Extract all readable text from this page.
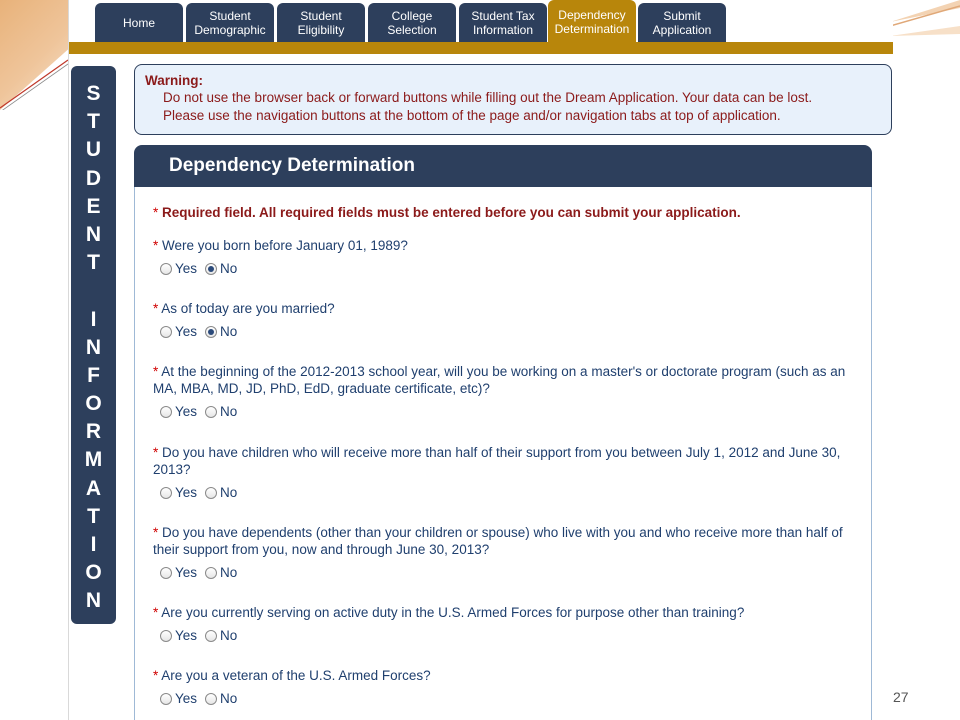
Home	Student
Demographic
Student
Eligibility
College
Selection
Student Tax
Information
Dependency
Determination
Submit
Application
S
T
U
D
E
N
T
I
N
F
O
R
M
A
T
I
O
N
Warning:
Do not use the browser back or forward buttons while filling out the Dream Application. Your data can be lost.
Please use the navigation buttons at the bottom of the page and/or navigation tabs at top of application.
Dependency Determination
* Required field. All required fields must be entered before you can submit your application.
* Were you born before January 01, 1989?
Yes No
* As of today are you married?
Yes No
* At the beginning of the 2012-2013 school year, will you be working on a master's or doctorate program (such as an MA, MBA, MD, JD, PhD, EdD, graduate certificate, etc)?
Yes No
* Do you have children who will receive more than half of their support from you between July 1, 2012 and June 30, 2013?
Yes No
* Do you have dependents (other than your children or spouse) who live with you and who receive more than half of their support from you, now and through June 30, 2013?
Yes No
* Are you currently serving on active duty in the U.S. Armed Forces for purpose other than training?
Yes No
* Are you a veteran of the U.S. Armed Forces?
Yes No	27
